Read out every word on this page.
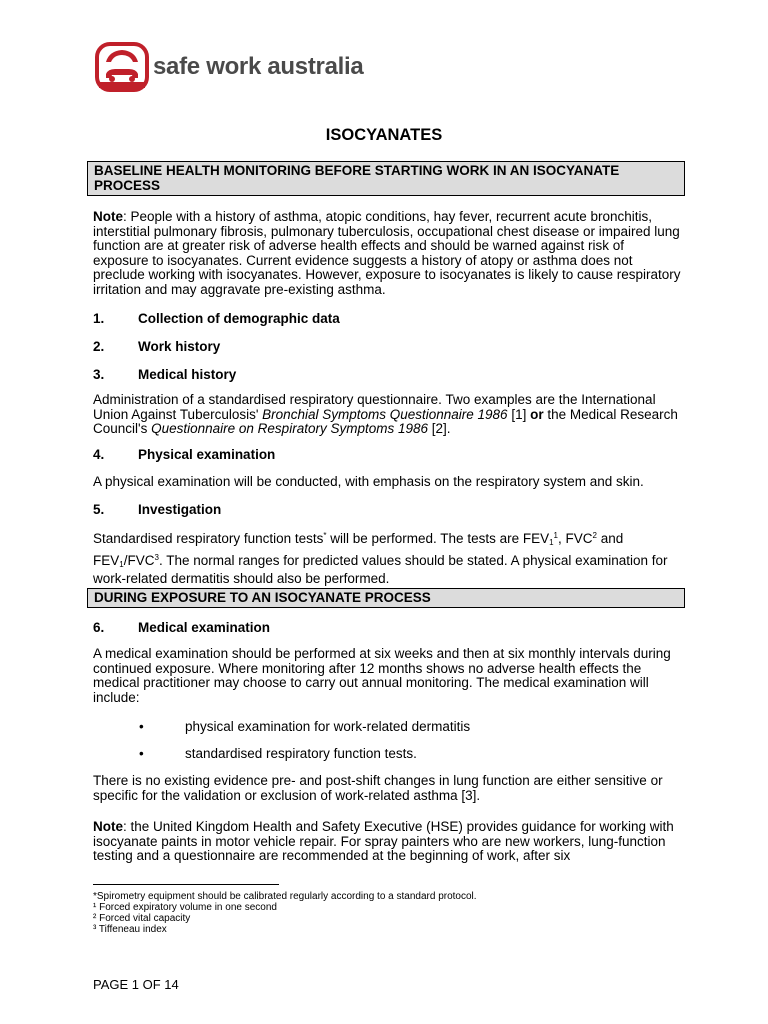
safe work australia
ISOCYANATES
BASELINE HEALTH MONITORING BEFORE STARTING WORK IN AN ISOCYANATE PROCESS
Note: People with a history of asthma, atopic conditions, hay fever, recurrent acute bronchitis, interstitial pulmonary fibrosis, pulmonary tuberculosis, occupational chest disease or impaired lung function are at greater risk of adverse health effects and should be warned against risk of exposure to isocyanates. Current evidence suggests a history of atopy or asthma does not preclude working with isocyanates. However, exposure to isocyanates is likely to cause respiratory irritation and may aggravate pre-existing asthma.
1. Collection of demographic data
2. Work history
3. Medical history
Administration of a standardised respiratory questionnaire. Two examples are the International Union Against Tuberculosis' Bronchial Symptoms Questionnaire 1986 [1] or the Medical Research Council's Questionnaire on Respiratory Symptoms 1986 [2].
4. Physical examination
A physical examination will be conducted, with emphasis on the respiratory system and skin.
5. Investigation
Standardised respiratory function tests* will be performed. The tests are $FEV_1^1$, FVC$^2$ and $FEV_1/FVC^3$. The normal ranges for predicted values should be stated. A physical examination for work-related dermatitis should also be performed.
DURING EXPOSURE TO AN ISOCYANATE PROCESS
6. Medical examination
A medical examination should be performed at six weeks and then at six monthly intervals during continued exposure. Where monitoring after 12 months shows no adverse health effects the medical practitioner may choose to carry out annual monitoring. The medical examination will include:
•	physical examination for work-related dermatitis
•	standardised respiratory function tests.
There is no existing evidence pre- and post-shift changes in lung function are either sensitive or specific for the validation or exclusion of work-related asthma [3].
Note: the United Kingdom Health and Safety Executive (HSE) provides guidance for working with isocyanate paints in motor vehicle repair. For spray painters who are new workers, lung-function testing and a questionnaire are recommended at the beginning of work, after six
*Spirometry equipment should be calibrated regularly according to a standard protocol.
¹ Forced expiratory volume in one second
² Forced vital capacity
³ Tiffeneau index
PAGE 1 OF 14
